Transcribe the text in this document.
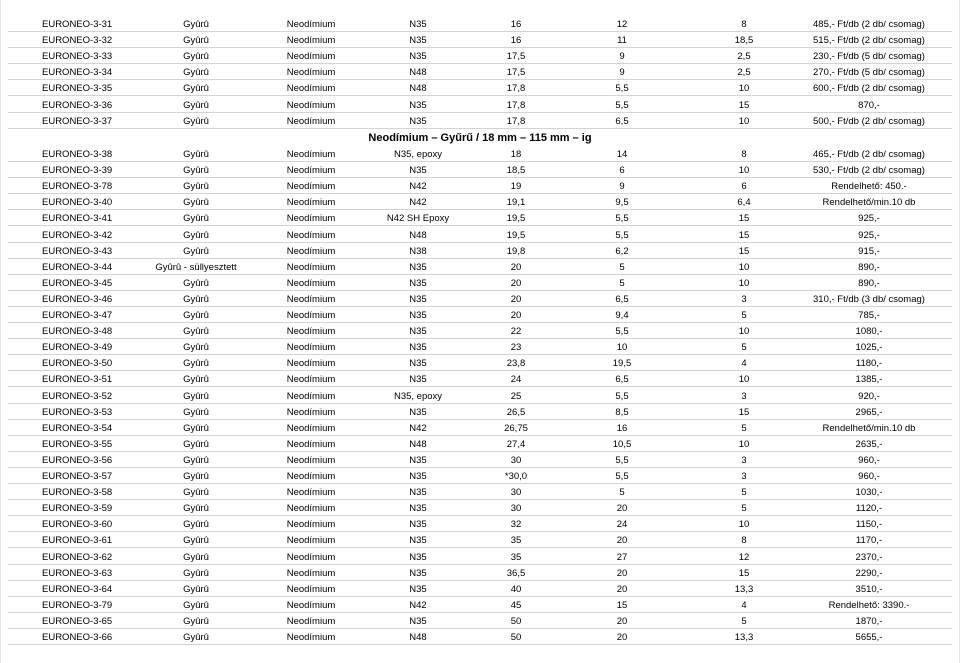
EURONEO-3-31	Gyûrû	Neodímium	N35	16	12	8	485,- Ft/db (2 db/ csomag)
EURONEO-3-32	Gyûrû	Neodímium	N35	16	11	18,5	515,- Ft/db (2 db/ csomag)
EURONEO-3-33	Gyûrû	Neodímium	N35	17,5	9	2,5	230,- Ft/db (5 db/ csomag)
EURONEO-3-34	Gyûrû	Neodímium	N48	17,5	9	2,5	270,- Ft/db (5 db/ csomag)
EURONEO-3-35	Gyûrû	Neodímium	N48	17,8	5,5	10	600,- Ft/db (2 db/ csomag)
EURONEO-3-36	Gyûrû	Neodímium	N35	17,8	5,5	15	870,-
EURONEO-3-37	Gyûrû	Neodímium	N35	17,8	6,5	10	500,- Ft/db (2 db/ csomag)
Neodímium – Gyűrű / 18 mm – 115 mm – ig
EURONEO-3-38	Gyûrû	Neodímium	N35, epoxy	18	14	8	465,- Ft/db (2 db/ csomag)
EURONEO-3-39	Gyûrû	Neodímium	N35	18,5	6	10	530,- Ft/db (2 db/ csomag)
EURONEO-3-78	Gyûrû	Neodímium	N42	19	9	6	Rendelhető: 450.-
EURONEO-3-40	Gyûrû	Neodímium	N42	19,1	9,5	6,4	Rendelhető/min.10 db
EURONEO-3-41	Gyûrû	Neodímium	N42 SH Epoxy	19,5	5,5	15	925,-
EURONEO-3-42	Gyûrû	Neodímium	N48	19,5	5,5	15	925,-
EURONEO-3-43	Gyûrû	Neodímium	N38	19,8	6,2	15	915,-
EURONEO-3-44	Gyûrû - süllyesztett	Neodímium	N35	20	5	10	890,-
EURONEO-3-45	Gyûrû	Neodímium	N35	20	5	10	890,-
EURONEO-3-46	Gyûrû	Neodímium	N35	20	6,5	3	310,- Ft/db (3 db/ csomag)
EURONEO-3-47	Gyûrû	Neodímium	N35	20	9,4	5	785,-
EURONEO-3-48	Gyûrû	Neodímium	N35	22	5,5	10	1080,-
EURONEO-3-49	Gyûrû	Neodímium	N35	23	10	5	1025,-
EURONEO-3-50	Gyûrû	Neodímium	N35	23,8	19,5	4	1180,-
EURONEO-3-51	Gyûrû	Neodímium	N35	24	6,5	10	1385,-
EURONEO-3-52	Gyûrû	Neodímium	N35, epoxy	25	5,5	3	920,-
EURONEO-3-53	Gyûrû	Neodímium	N35	26,5	8,5	15	2965,-
EURONEO-3-54	Gyûrû	Neodímium	N42	26,75	16	5	Rendelhető/min.10 db
EURONEO-3-55	Gyûrû	Neodímium	N48	27,4	10,5	10	2635,-
EURONEO-3-56	Gyûrû	Neodímium	N35	30	5,5	3	960,-
EURONEO-3-57	Gyûrû	Neodímium	N35	*30,0	5,5	3	960,-
EURONEO-3-58	Gyûrû	Neodímium	N35	30	5	5	1030,-
EURONEO-3-59	Gyûrû	Neodímium	N35	30	20	5	1120,-
EURONEO-3-60	Gyûrû	Neodímium	N35	32	24	10	1150,-
EURONEO-3-61	Gyûrû	Neodímium	N35	35	20	8	1170,-
EURONEO-3-62	Gyûrû	Neodímium	N35	35	27	12	2370,-
EURONEO-3-63	Gyûrû	Neodímium	N35	36,5	20	15	2290,-
EURONEO-3-64	Gyûrû	Neodímium	N35	40	20	13,3	3510,-
EURONEO-3-79	Gyûrû	Neodímium	N42	45	15	4	Rendelhető: 3390.-
EURONEO-3-65	Gyûrû	Neodímium	N35	50	20	5	1870,-
EURONEO-3-66	Gyûrû	Neodímium	N48	50	20	13,3	5655,-
